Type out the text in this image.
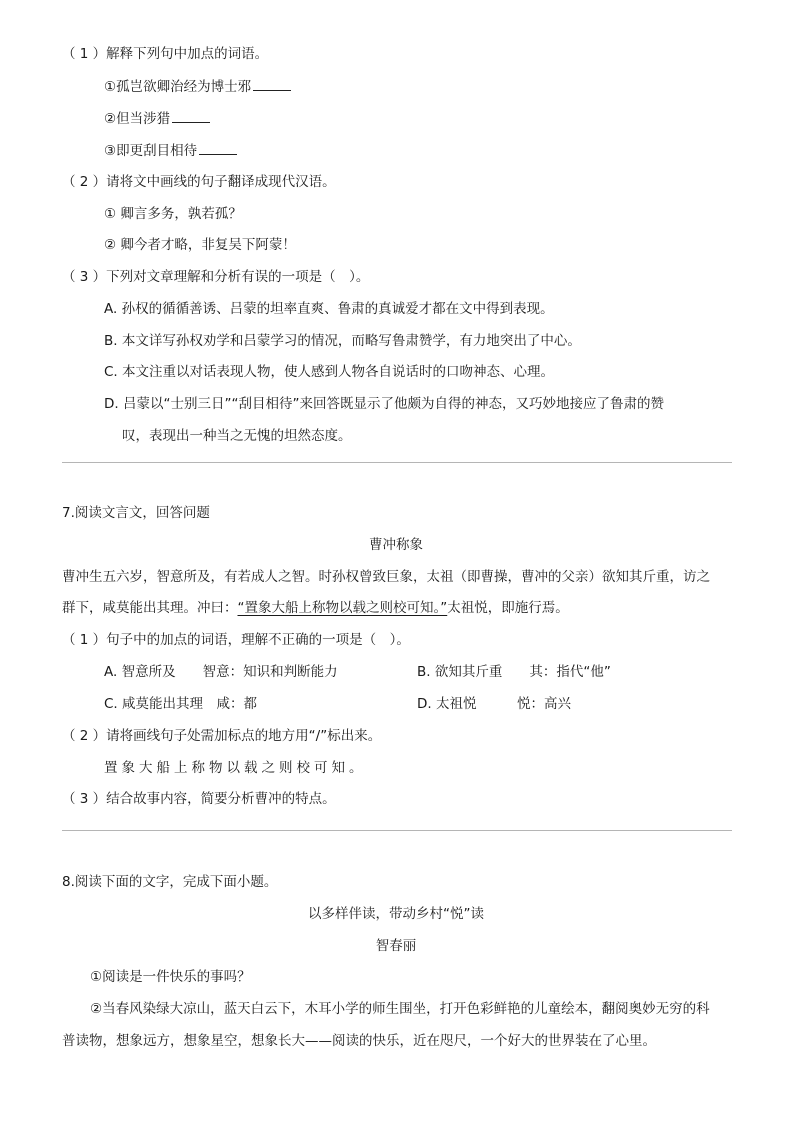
（ 1 ）解释下列句中加点的词语。
①孤岂欲卿治经为博士邪
②但当涉猎
③即更刮目相待
（ 2 ）请将文中画线的句子翻译成现代汉语。
① 卿言多务，孰若孤？
② 卿今者才略，非复吴下阿蒙！
（ 3 ）下列对文章理解和分析有误的一项是（　）。
A. 孙权的循循善诱、吕蒙的坦率直爽、鲁肃的真诚爱才都在文中得到表现。
B. 本文详写孙权劝学和吕蒙学习的情况，而略写鲁肃赞学，有力地突出了中心。
C. 本文注重以对话表现人物，使人感到人物各自说话时的口吻神态、心理。
D. 吕蒙以“士别三日”“刮目相待”来回答既显示了他颇为自得的神态，又巧妙地接应了鲁肃的赞
叹，表现出一种当之无愧的坦然态度。
7.阅读文言文，回答问题
曹冲称象
曹冲生五六岁，智意所及，有若成人之智。时孙权曾致巨象，太祖（即曹操，曹冲的父亲）欲知其斤重，访之
群下，咸莫能出其理。冲曰：“置象大船上称物以载之则校可知。”太祖悦，即施行焉。
（ 1 ）句子中的加点的词语，理解不正确的一项是（　）。
A. 智意所及　　智意：知识和判断能力	B. 欲知其斤重　　其：指代“他”
C. 咸莫能出其理　咸：都	D. 太祖悦　　　悦：高兴
（ 2 ）请将画线句子处需加标点的地方用“/”标出来。
置象大船上称物以载之则校可知。
（ 3 ）结合故事内容，简要分析曹冲的特点。
8.阅读下面的文字，完成下面小题。
以多样伴读，带动乡村“悦”读
智春丽
①阅读是一件快乐的事吗？
②当春风染绿大凉山，蓝天白云下，木耳小学的师生围坐，打开色彩鲜艳的儿童绘本，翻阅奥妙无穷的科
普读物，想象远方，想象星空，想象长大——阅读的快乐，近在咫尺，一个好大的世界装在了心里。
